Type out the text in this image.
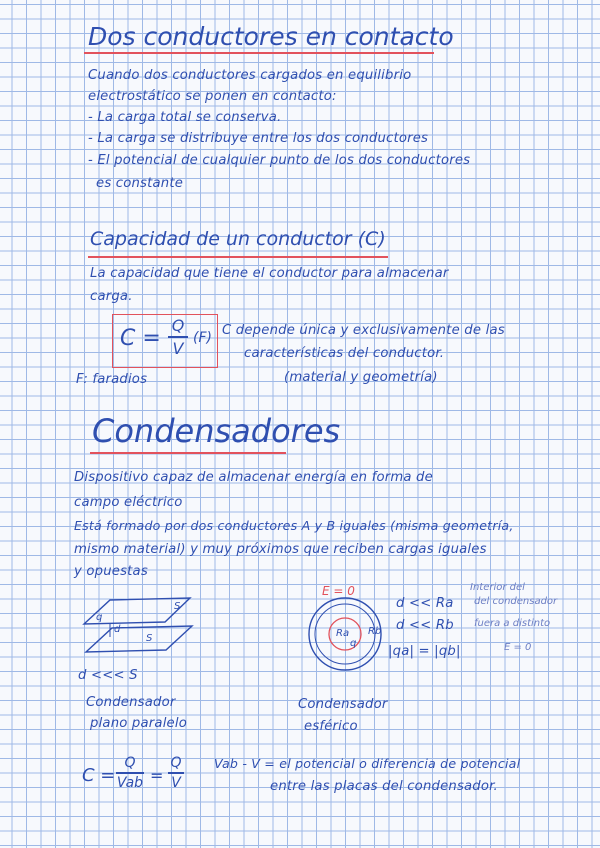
Dos conductores en contacto
Cuando dos conductores cargados en equilibrio
electrostático se ponen en contacto:
- La carga total se conserva.
- La carga se distribuye entre los dos conductores
- El potencial de cualquier punto de los dos conductores
es constante
Capacidad de un conductor (C)
La capacidad que tiene el conductor para almacenar
carga.
C =
Q
V
(F) C depende única y exclusivamente de las
características del conductor.
(material y geometría)
F: faradios
Condensadores
Dispositivo capaz de almacenar energía en forma de
campo eléctrico
Está formado por dos conductores A y B iguales (misma geometría,
mismo material) y muy próximos que reciben cargas iguales
y opuestas
S
S
d
q
d <<< S
Condensador
plano paralelo
E = 0
Ra Rb
q
d << Ra
d << Rb
|qa| = |qb|
Interior del
del condensador
fuera a distinto
E = 0
Condensador
esférico
C =
Q
Vab =
Q
V
Vab - V = el potencial o diferencia de potencial
entre las placas del condensador.
